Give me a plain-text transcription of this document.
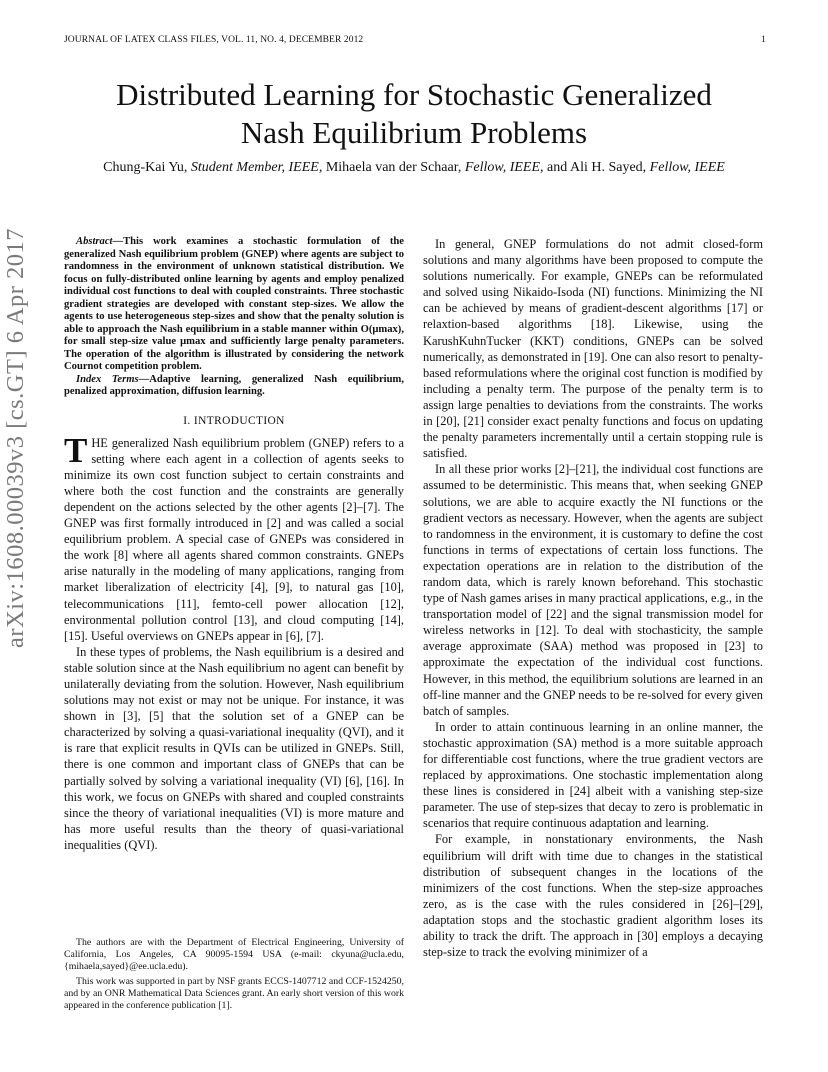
JOURNAL OF LATEX CLASS FILES, VOL. 11, NO. 4, DECEMBER 2012	1
arXiv:1608.00039v3 [cs.GT] 6 Apr 2017
Distributed Learning for Stochastic Generalized
Nash Equilibrium Problems
Chung-Kai Yu, Student Member, IEEE, Mihaela van der Schaar, Fellow, IEEE, and Ali H. Sayed, Fellow, IEEE

Abstract—This work examines a stochastic formulation of the generalized Nash equilibrium problem (GNEP) where agents are subject to randomness in the environment of unknown statistical distribution. We focus on fully-distributed online learning by agents and employ penalized individual cost functions to deal with coupled constraints. Three stochastic gradient strategies are developed with constant step-sizes. We allow the agents to use heterogeneous step-sizes and show that the penalty solution is able to approach the Nash equilibrium in a stable manner within O(μmax), for small step-size value μmax and sufficiently large penalty parameters. The operation of the algorithm is illustrated by considering the network Cournot competition problem.

Index Terms—Adaptive learning, generalized Nash equilibrium, penalized approximation, diffusion learning.

I. INTRODUCTION

THE generalized Nash equilibrium problem (GNEP) refers to a setting where each agent in a collection of agents seeks to minimize its own cost function subject to certain constraints and where both the cost function and the constraints are generally dependent on the actions selected by the other agents [2]–[7]. The GNEP was first formally introduced in [2] and was called a social equilibrium problem. A special case of GNEPs was considered in the work [8] where all agents shared common constraints. GNEPs arise naturally in the modeling of many applications, ranging from market liberalization of electricity [4], [9], to natural gas [10], telecommunications [11], femto-cell power allocation [12], environmental pollution control [13], and cloud computing [14], [15]. Useful overviews on GNEPs appear in [6], [7].

In these types of problems, the Nash equilibrium is a desired and stable solution since at the Nash equilibrium no agent can benefit by unilaterally deviating from the solution. However, Nash equilibrium solutions may not exist or may not be unique. For instance, it was shown in [3], [5] that the solution set of a GNEP can be characterized by solving a quasi-variational inequality (QVI), and it is rare that explicit results in QVIs can be utilized in GNEPs. Still, there is one common and important class of GNEPs that can be partially solved by solving a variational inequality (VI) [6], [16]. In this work, we focus on GNEPs with shared and coupled constraints since the theory of variational inequalities (VI) is more mature and has more useful results than the theory of quasi-variational inequalities (QVI).

In general, GNEP formulations do not admit closed-form solutions and many algorithms have been proposed to compute the solutions numerically. For example, GNEPs can be reformulated and solved using Nikaido-Isoda (NI) functions. Minimizing the NI can be achieved by means of gradient-descent algorithms [17] or relaxtion-based algorithms [18]. Likewise, using the KarushKuhnTucker (KKT) conditions, GNEPs can be solved numerically, as demonstrated in [19]. One can also resort to penalty-based reformulations where the original cost function is modified by including a penalty term. The purpose of the penalty term is to assign large penalties to deviations from the constraints. The works in [20], [21] consider exact penalty functions and focus on updating the penalty parameters incrementally until a certain stopping rule is satisfied.

In all these prior works [2]–[21], the individual cost functions are assumed to be deterministic. This means that, when seeking GNEP solutions, we are able to acquire exactly the NI functions or the gradient vectors as necessary. However, when the agents are subject to randomness in the environment, it is customary to define the cost functions in terms of expectations of certain loss functions. The expectation operations are in relation to the distribution of the random data, which is rarely known beforehand. This stochastic type of Nash games arises in many practical applications, e.g., in the transportation model of [22] and the signal transmission model for wireless networks in [12]. To deal with stochasticity, the sample average approximate (SAA) method was proposed in [23] to approximate the expectation of the individual cost functions. However, in this method, the equilibrium solutions are learned in an off-line manner and the GNEP needs to be re-solved for every given batch of samples.

In order to attain continuous learning in an online manner, the stochastic approximation (SA) method is a more suitable approach for differentiable cost functions, where the true gradient vectors are replaced by approximations. One stochastic implementation along these lines is considered in [24] albeit with a vanishing step-size parameter. The use of step-sizes that decay to zero is problematic in scenarios that require continuous adaptation and learning.

For example, in nonstationary environments, the Nash equilibrium will drift with time due to changes in the statistical distribution of subsequent changes in the locations of the minimizers of the cost functions. When the step-size approaches zero, as is the case with the rules considered in [26]–[29], adaptation stops and the stochastic gradient algorithm loses its ability to track the drift. The approach in [30] employs a decaying step-size to track the evolving minimizer of a

The authors are with the Department of Electrical Engineering, University of California, Los Angeles, CA 90095-1594 USA (e-mail: ckyuna@ucla.edu, {mihaela,sayed}@ee.ucla.edu).

This work was supported in part by NSF grants ECCS-1407712 and CCF-1524250, and by an ONR Mathematical Data Sciences grant. An early short version of this work appeared in the conference publication [1].
